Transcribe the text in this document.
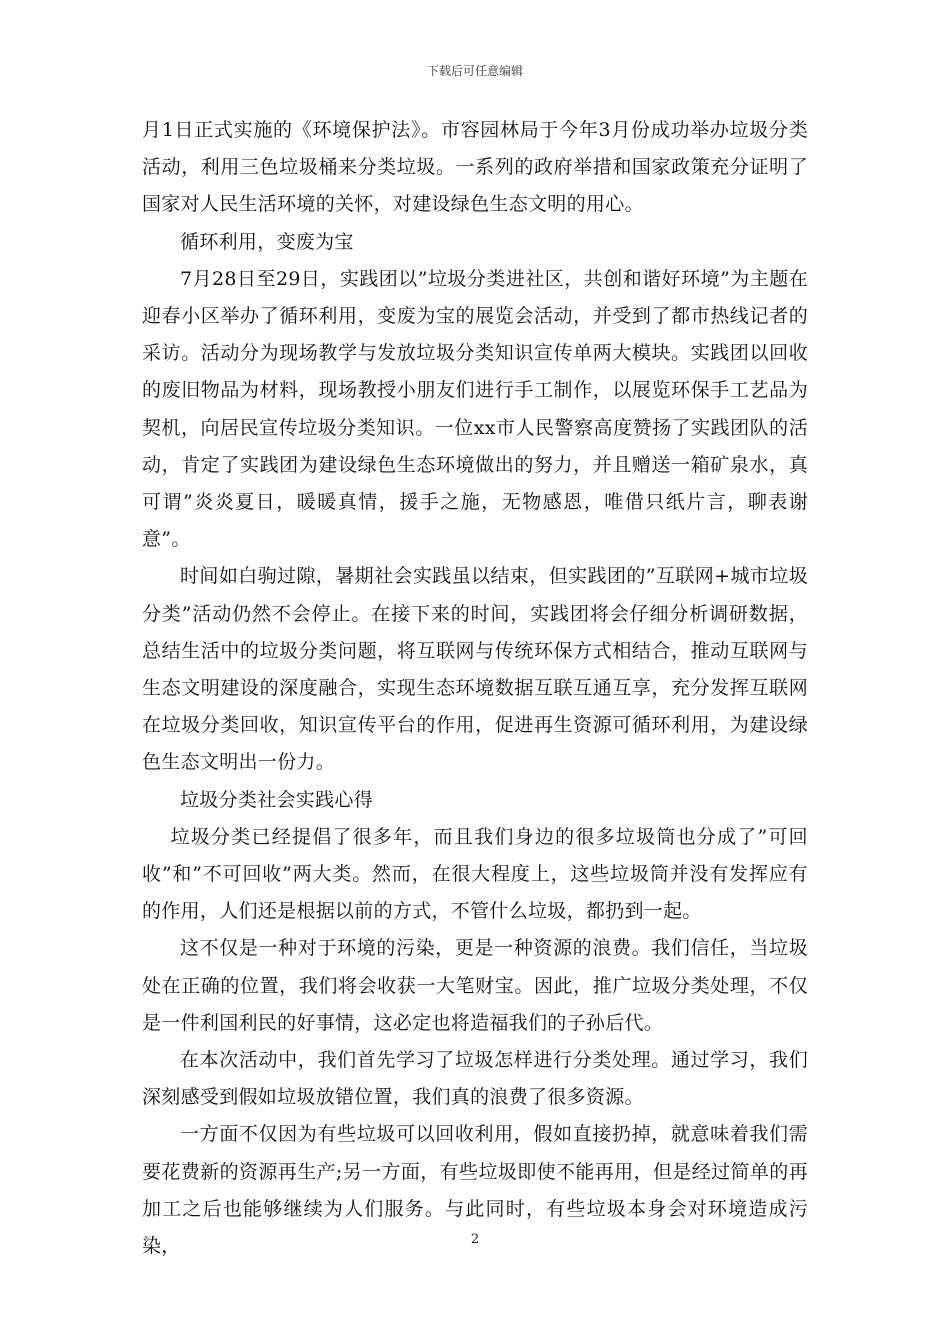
下载后可任意编辑

月1日正式实施的《环境保护法》。市容园林局于今年3月份成功举办垃圾分类活动，利用三色垃圾桶来分类垃圾。一系列的政府举措和国家政策充分证明了国家对人民生活环境的关怀，对建设绿色生态文明的用心。

循环利用，变废为宝

7月28日至29日，实践团以”垃圾分类进社区，共创和谐好环境”为主题在迎春小区举办了循环利用，变废为宝的展览会活动，并受到了都市热线记者的采访。活动分为现场教学与发放垃圾分类知识宣传单两大模块。实践团以回收的废旧物品为材料，现场教授小朋友们进行手工制作，以展览环保手工艺品为契机，向居民宣传垃圾分类知识。一位xx市人民警察高度赞扬了实践团队的活动，肯定了实践团为建设绿色生态环境做出的努力，并且赠送一箱矿泉水，真可谓”炎炎夏日，暖暖真情，援手之施，无物感恩，唯借只纸片言，聊表谢意”。

时间如白驹过隙，暑期社会实践虽以结束，但实践团的”互联网+城市垃圾分类”活动仍然不会停止。在接下来的时间，实践团将会仔细分析调研数据，总结生活中的垃圾分类问题，将互联网与传统环保方式相结合，推动互联网与生态文明建设的深度融合，实现生态环境数据互联互通互享，充分发挥互联网在垃圾分类回收，知识宣传平台的作用，促进再生资源可循环利用，为建设绿色生态文明出一份力。

垃圾分类社会实践心得

垃圾分类已经提倡了很多年，而且我们身边的很多垃圾筒也分成了”可回收”和”不可回收”两大类。然而，在很大程度上，这些垃圾筒并没有发挥应有的作用，人们还是根据以前的方式，不管什么垃圾，都扔到一起。

这不仅是一种对于环境的污染，更是一种资源的浪费。我们信任，当垃圾处在正确的位置，我们将会收获一大笔财宝。因此，推广垃圾分类处理，不仅是一件利国利民的好事情，这必定也将造福我们的子孙后代。

在本次活动中，我们首先学习了垃圾怎样进行分类处理。通过学习，我们深刻感受到假如垃圾放错位置，我们真的浪费了很多资源。

一方面不仅因为有些垃圾可以回收利用，假如直接扔掉，就意味着我们需要花费新的资源再生产;另一方面，有些垃圾即使不能再用，但是经过简单的再加工之后也能够继续为人们服务。与此同时，有些垃圾本身会对环境造成污染，	2
